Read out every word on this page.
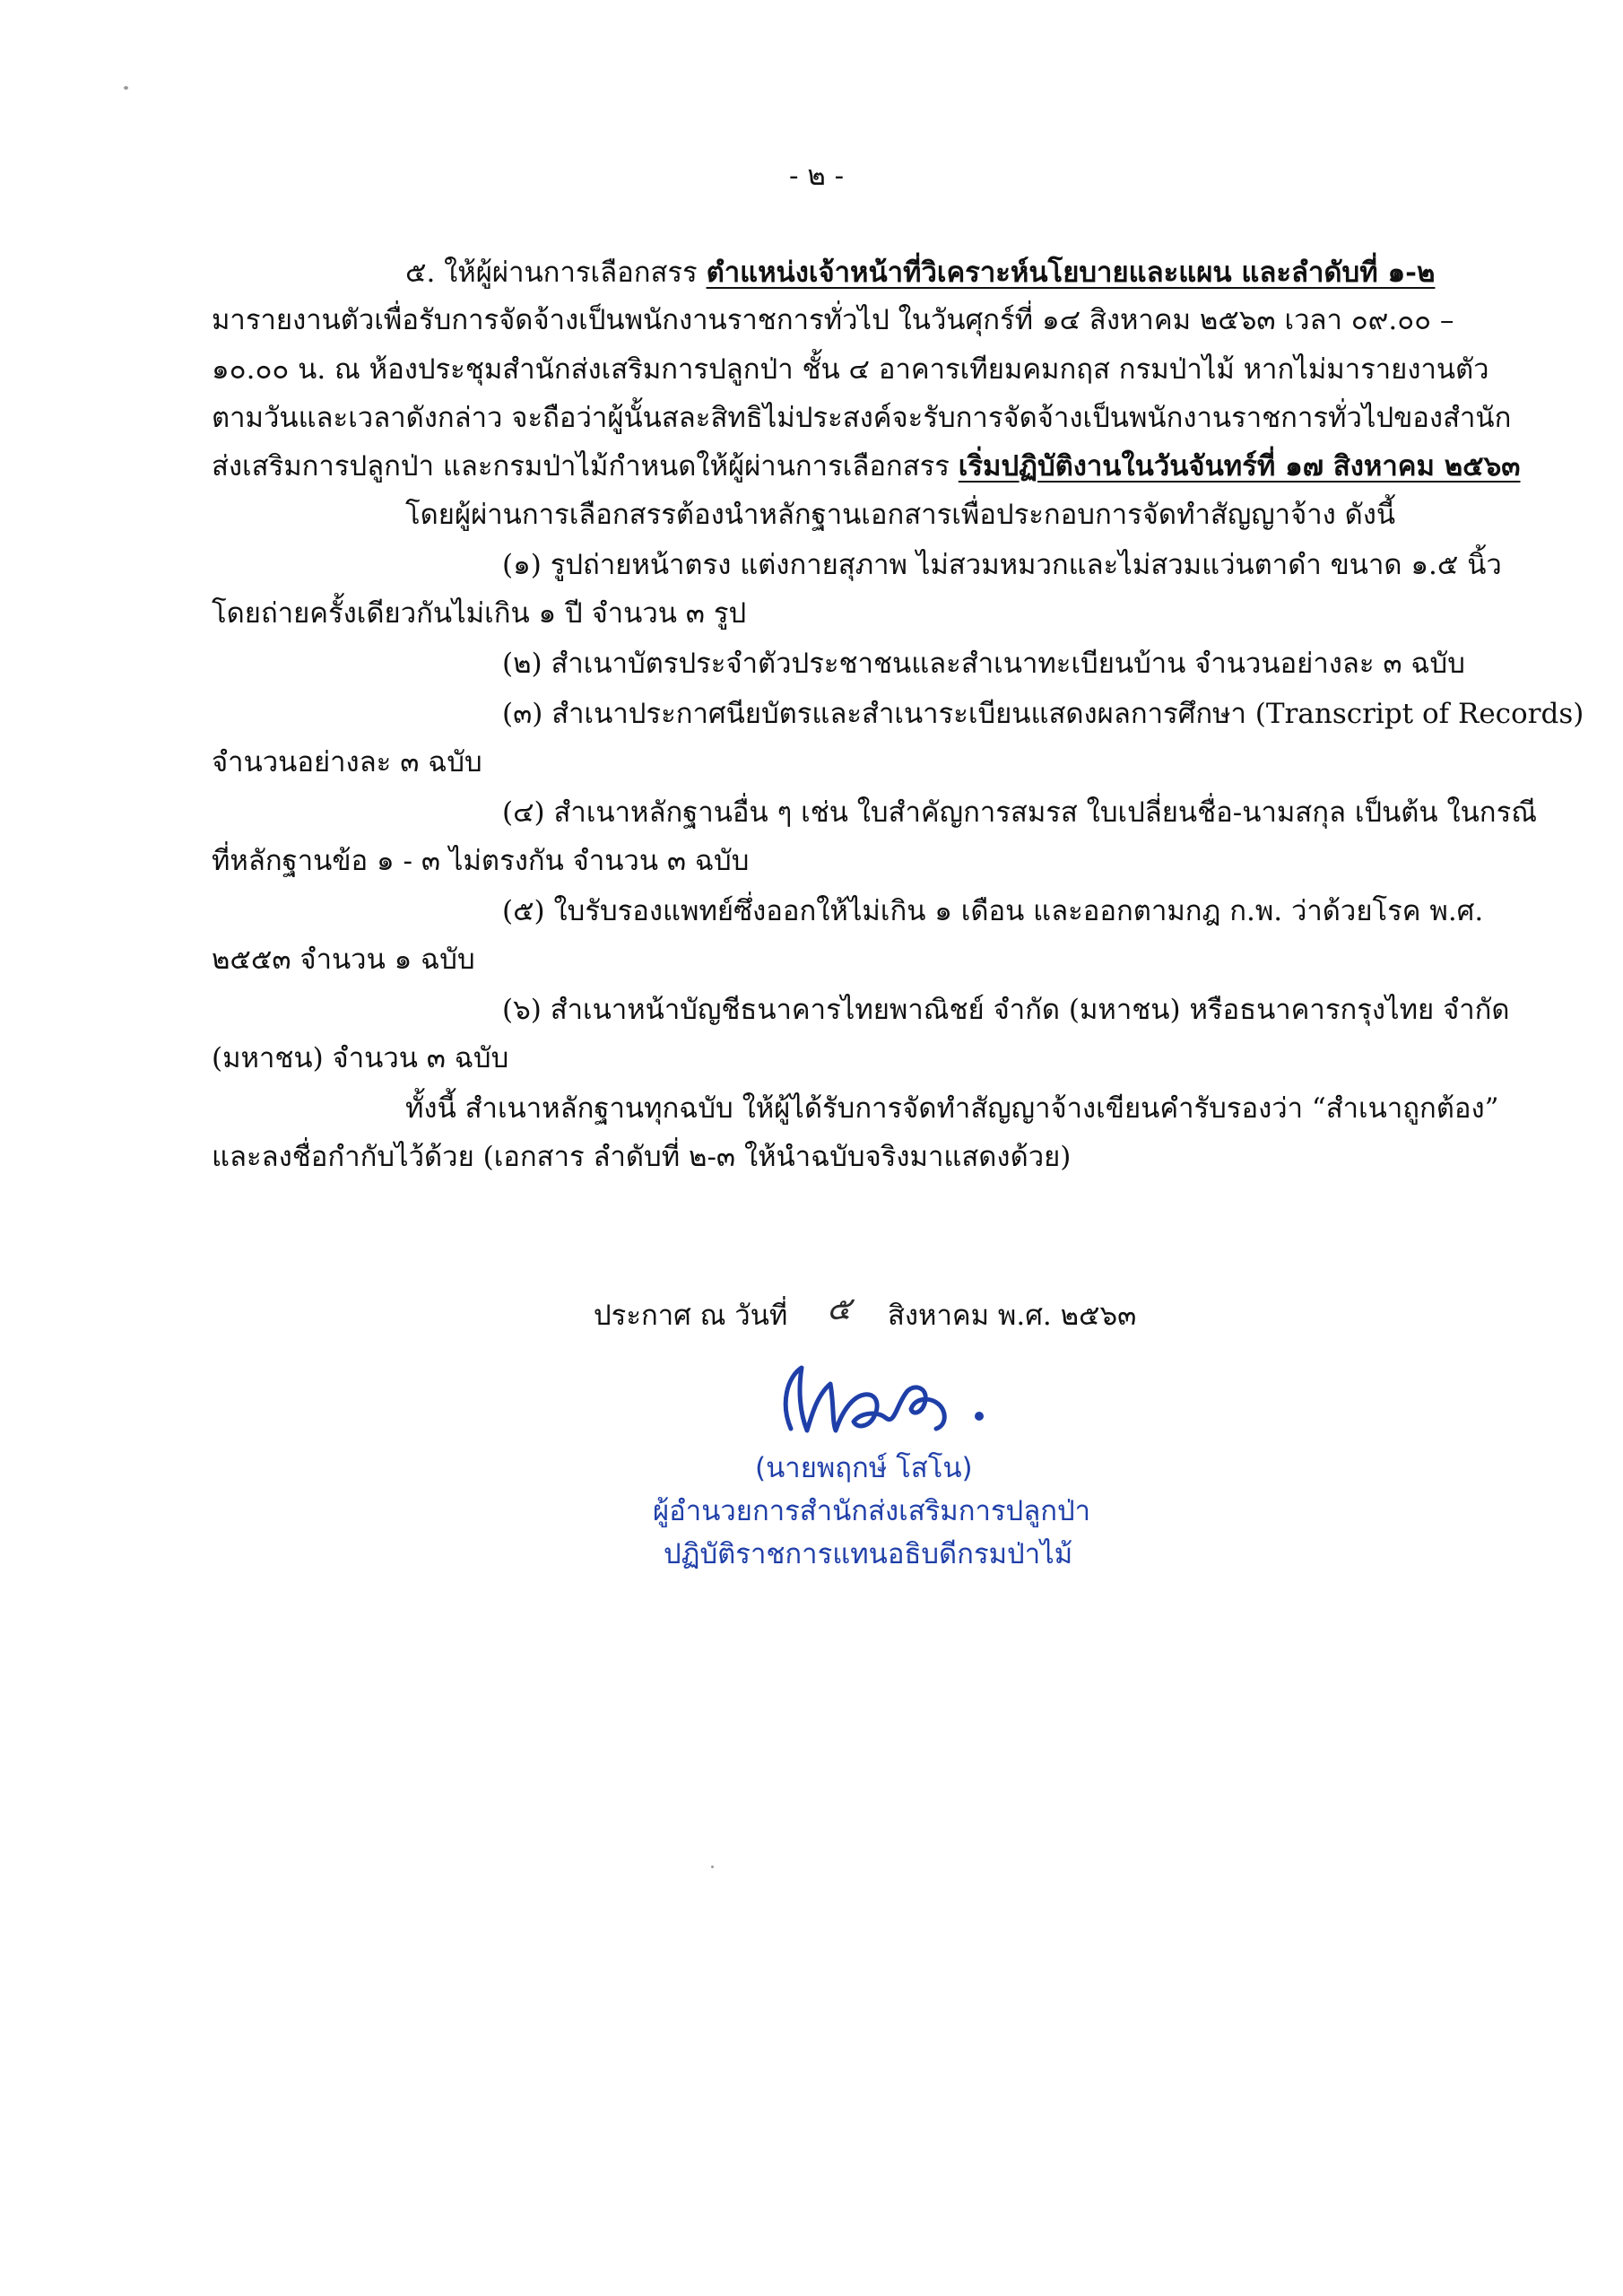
- ๒ -
๕. ให้ผู้ผ่านการเลือกสรร ตำแหน่งเจ้าหน้าที่วิเคราะห์นโยบายและแผน และลำดับที่ ๑-๒
มารายงานตัวเพื่อรับการจัดจ้างเป็นพนักงานราชการทั่วไป ในวันศุกร์ที่ ๑๔ สิงหาคม ๒๕๖๓ เวลา ๐๙.๐๐ –
๑๐.๐๐ น. ณ ห้องประชุมสำนักส่งเสริมการปลูกป่า ชั้น ๔ อาคารเทียมคมกฤส กรมป่าไม้ หากไม่มารายงานตัว
ตามวันและเวลาดังกล่าว จะถือว่าผู้นั้นสละสิทธิไม่ประสงค์จะรับการจัดจ้างเป็นพนักงานราชการทั่วไปของสำนัก
ส่งเสริมการปลูกป่า และกรมป่าไม้กำหนดให้ผู้ผ่านการเลือกสรร เริ่มปฏิบัติงานในวันจันทร์ที่ ๑๗ สิงหาคม ๒๕๖๓
โดยผู้ผ่านการเลือกสรรต้องนำหลักฐานเอกสารเพื่อประกอบการจัดทำสัญญาจ้าง ดังนี้
(๑) รูปถ่ายหน้าตรง แต่งกายสุภาพ ไม่สวมหมวกและไม่สวมแว่นตาดำ ขนาด ๑.๕ นิ้ว
โดยถ่ายครั้งเดียวกันไม่เกิน ๑ ปี จำนวน ๓ รูป
(๒) สำเนาบัตรประจำตัวประชาชนและสำเนาทะเบียนบ้าน จำนวนอย่างละ ๓ ฉบับ
(๓) สำเนาประกาศนียบัตรและสำเนาระเบียนแสดงผลการศึกษา (Transcript of Records)
จำนวนอย่างละ ๓ ฉบับ
(๔) สำเนาหลักฐานอื่น ๆ เช่น ใบสำคัญการสมรส ใบเปลี่ยนชื่อ-นามสกุล เป็นต้น ในกรณี
ที่หลักฐานข้อ ๑ - ๓ ไม่ตรงกัน จำนวน ๓ ฉบับ
(๕) ใบรับรองแพทย์ซึ่งออกให้ไม่เกิน ๑ เดือน และออกตามกฎ ก.พ. ว่าด้วยโรค พ.ศ.
๒๕๕๓ จำนวน ๑ ฉบับ
(๖) สำเนาหน้าบัญชีธนาคารไทยพาณิชย์ จำกัด (มหาชน) หรือธนาคารกรุงไทย จำกัด
(มหาชน) จำนวน ๓ ฉบับ
ทั้งนี้ สำเนาหลักฐานทุกฉบับ ให้ผู้ได้รับการจัดทำสัญญาจ้างเขียนคำรับรองว่า “สำเนาถูกต้อง”
และลงชื่อกำกับไว้ด้วย (เอกสาร ลำดับที่ ๒-๓ ให้นำฉบับจริงมาแสดงด้วย)
ประกาศ ณ วันที่ ๕ สิงหาคม พ.ศ. ๒๕๖๓
(นายพฤกษ์ โสโน)
ผู้อำนวยการสำนักส่งเสริมการปลูกป่า
ปฏิบัติราชการแทนอธิบดีกรมป่าไม้
